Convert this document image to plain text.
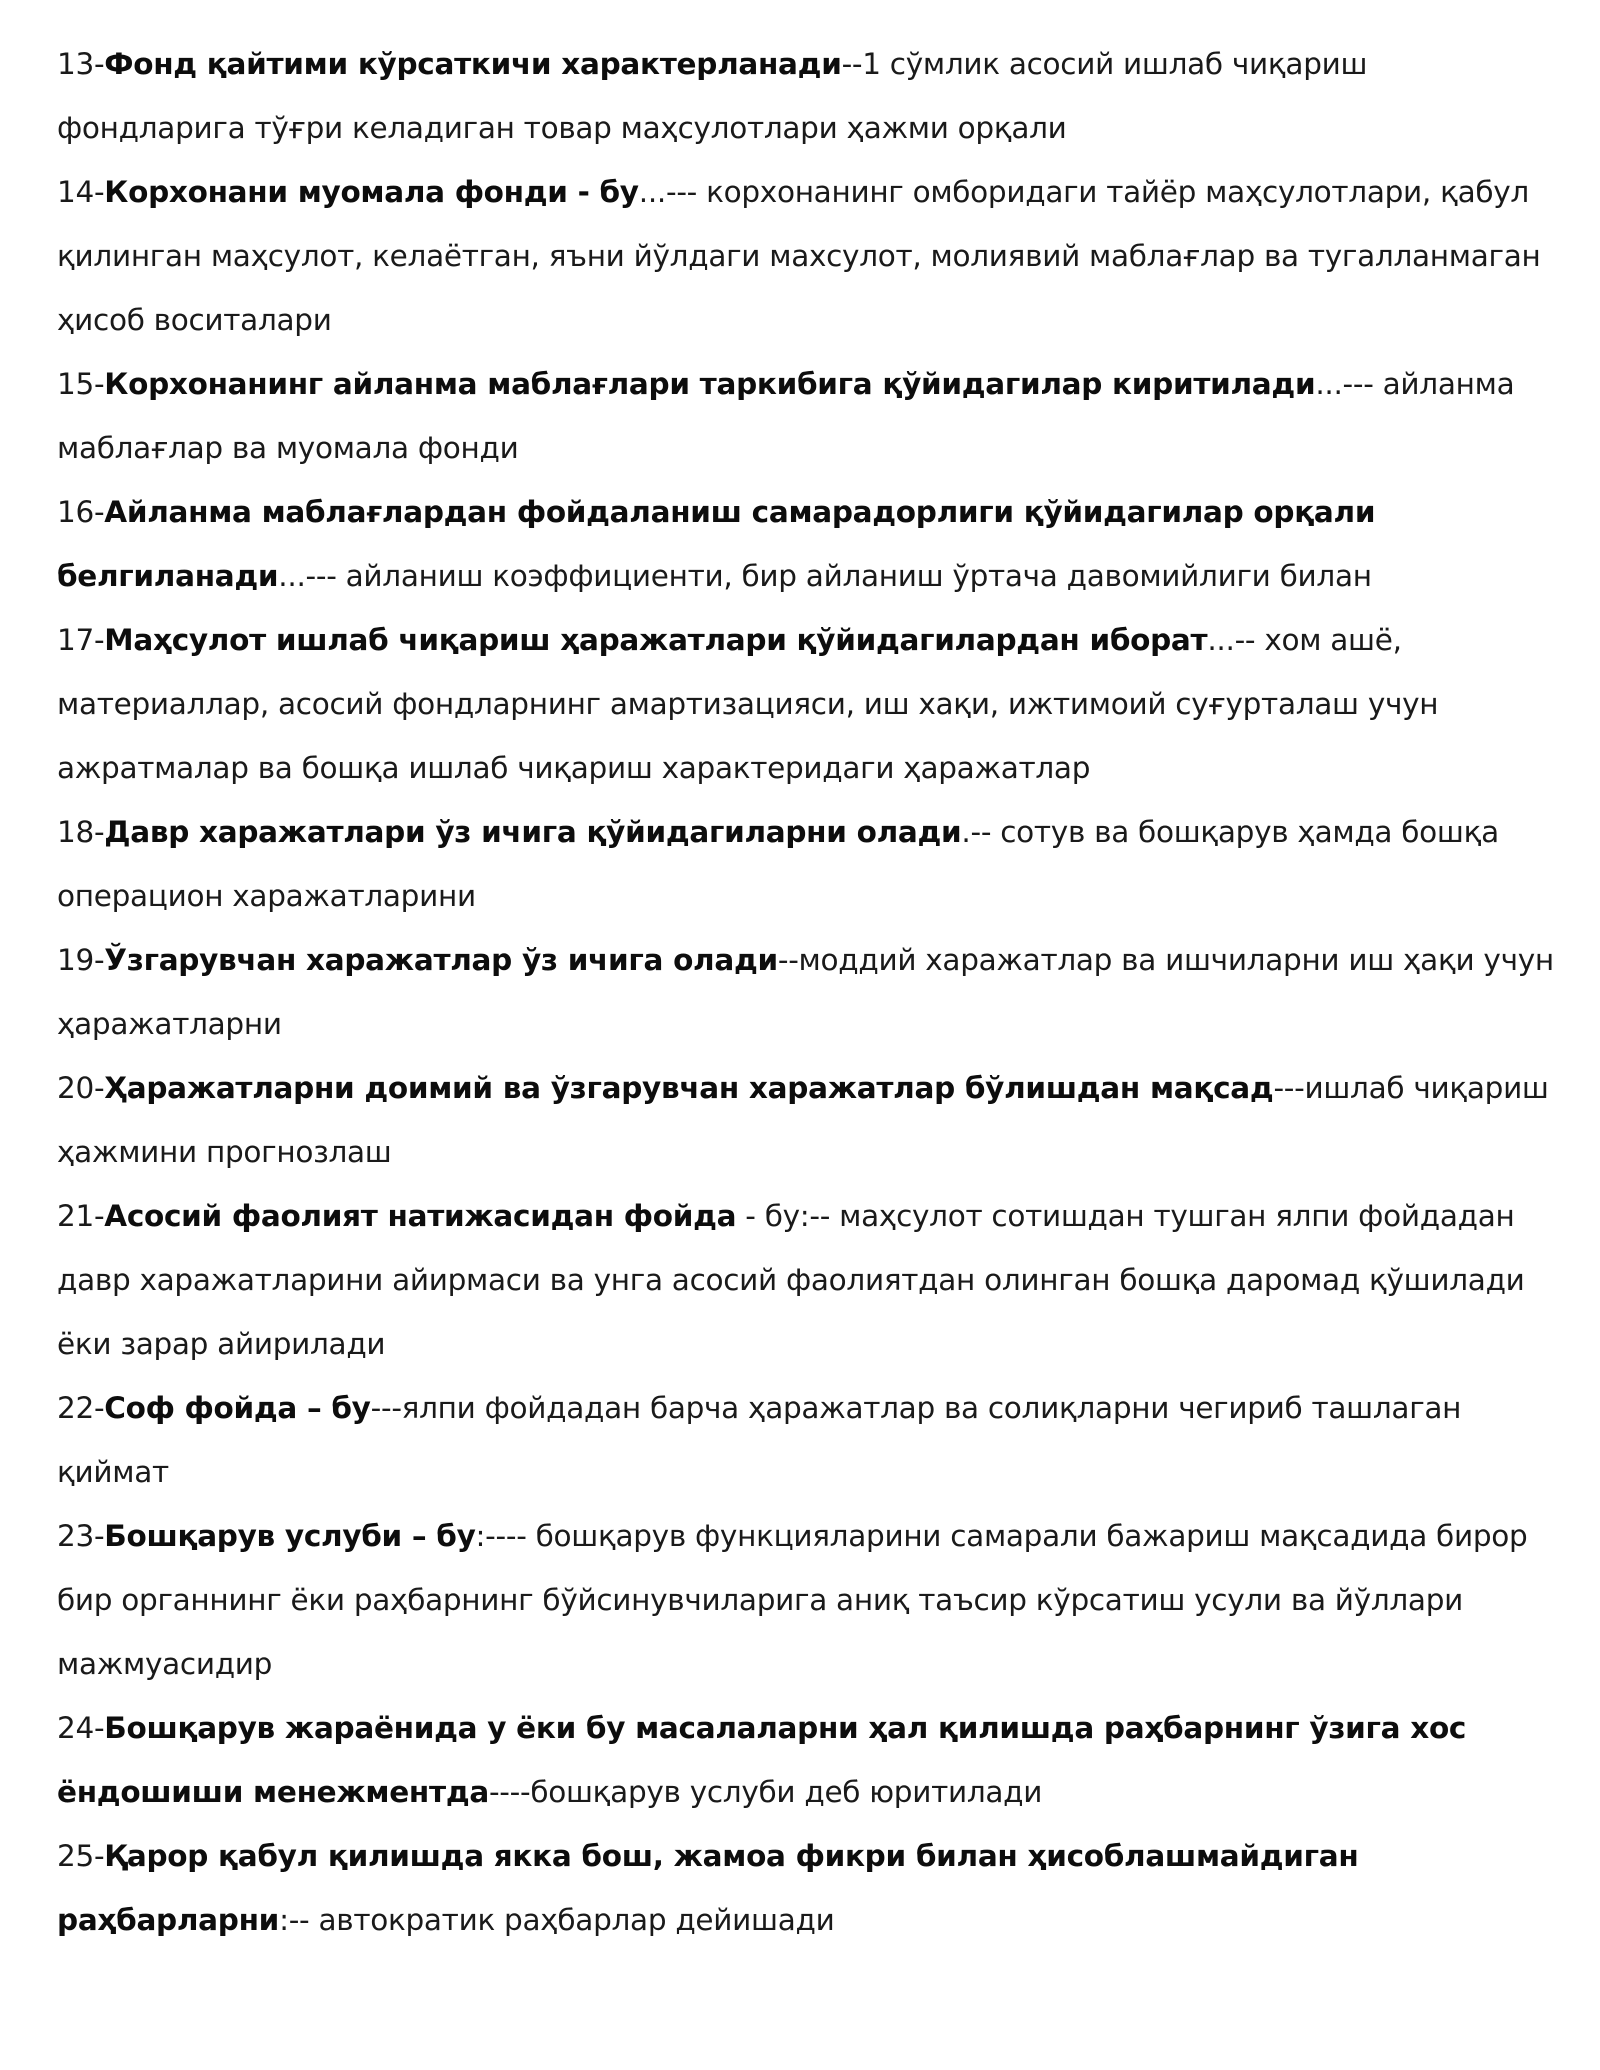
13-Фонд қайтими кўрсаткичи характерланади--1 сўмлик асосий ишлаб чиқариш фондларига тўғри келадиган товар маҳсулотлари ҳажми орқали

14-Корхонани муомала фонди - бу...--- корхонанинг омборидаги тайёр маҳсулотлари, қабул қилинган маҳсулот, келаётган, яъни йўлдаги махсулот, молиявий маблағлар ва тугалланмаган ҳисоб воситалари

15-Корхонанинг айланма маблағлари таркибига қўйидагилар киритилади...--- айланма маблағлар ва муомала фонди

16-Айланма маблағлардан фойдаланиш самарадорлиги қўйидагилар орқали белгиланади...--- айланиш коэффициенти, бир айланиш ўртача давомийлиги билан

17-Маҳсулот ишлаб чиқариш ҳаражатлари қўйидагилардан иборат...-- хом ашё, материаллар, асосий фондларнинг амартизацияси, иш хақи, ижтимоий суғурталаш учун ажратмалар ва бошқа ишлаб чиқариш характеридаги ҳаражатлар

18-Давр харажатлари ўз ичига қўйидагиларни олади.-- сотув ва бошқарув ҳамда бошқа операцион харажатларини

19-Ўзгарувчан харажатлар ўз ичига олади--моддий харажатлар ва ишчиларни иш ҳақи учун ҳаражатларни

20-Ҳаражатларни доимий ва ўзгарувчан харажатлар бўлишдан мақсад---ишлаб чиқариш ҳажмини прогнозлаш

21-Асосий фаолият натижасидан фойда - бу:-- маҳсулот сотишдан тушган ялпи фойдадан давр харажатларини айирмаси ва унга асосий фаолиятдан олинган бошқа даромад қўшилади ёки зарар айирилади

22-Соф фойда – бу---ялпи фойдадан барча ҳаражатлар ва солиқларни чегириб ташлаган қиймат

23-Бошқарув услуби – бу:---- бошқарув функцияларини самарали бажариш мақсадида бирор бир органнинг ёки раҳбарнинг бўйсинувчиларига аниқ таъсир кўрсатиш усули ва йўллари мажмуасидир

24-Бошқарув жараёнида у ёки бу масалаларни ҳал қилишда раҳбарнинг ўзига хос ёндошиши менежментда----бошқарув услуби деб юритилади

25-Қарор қабул қилишда якка бош, жамоа фикри билан ҳисоблашмайдиган раҳбарларни:-- автократик раҳбарлар дейишади
